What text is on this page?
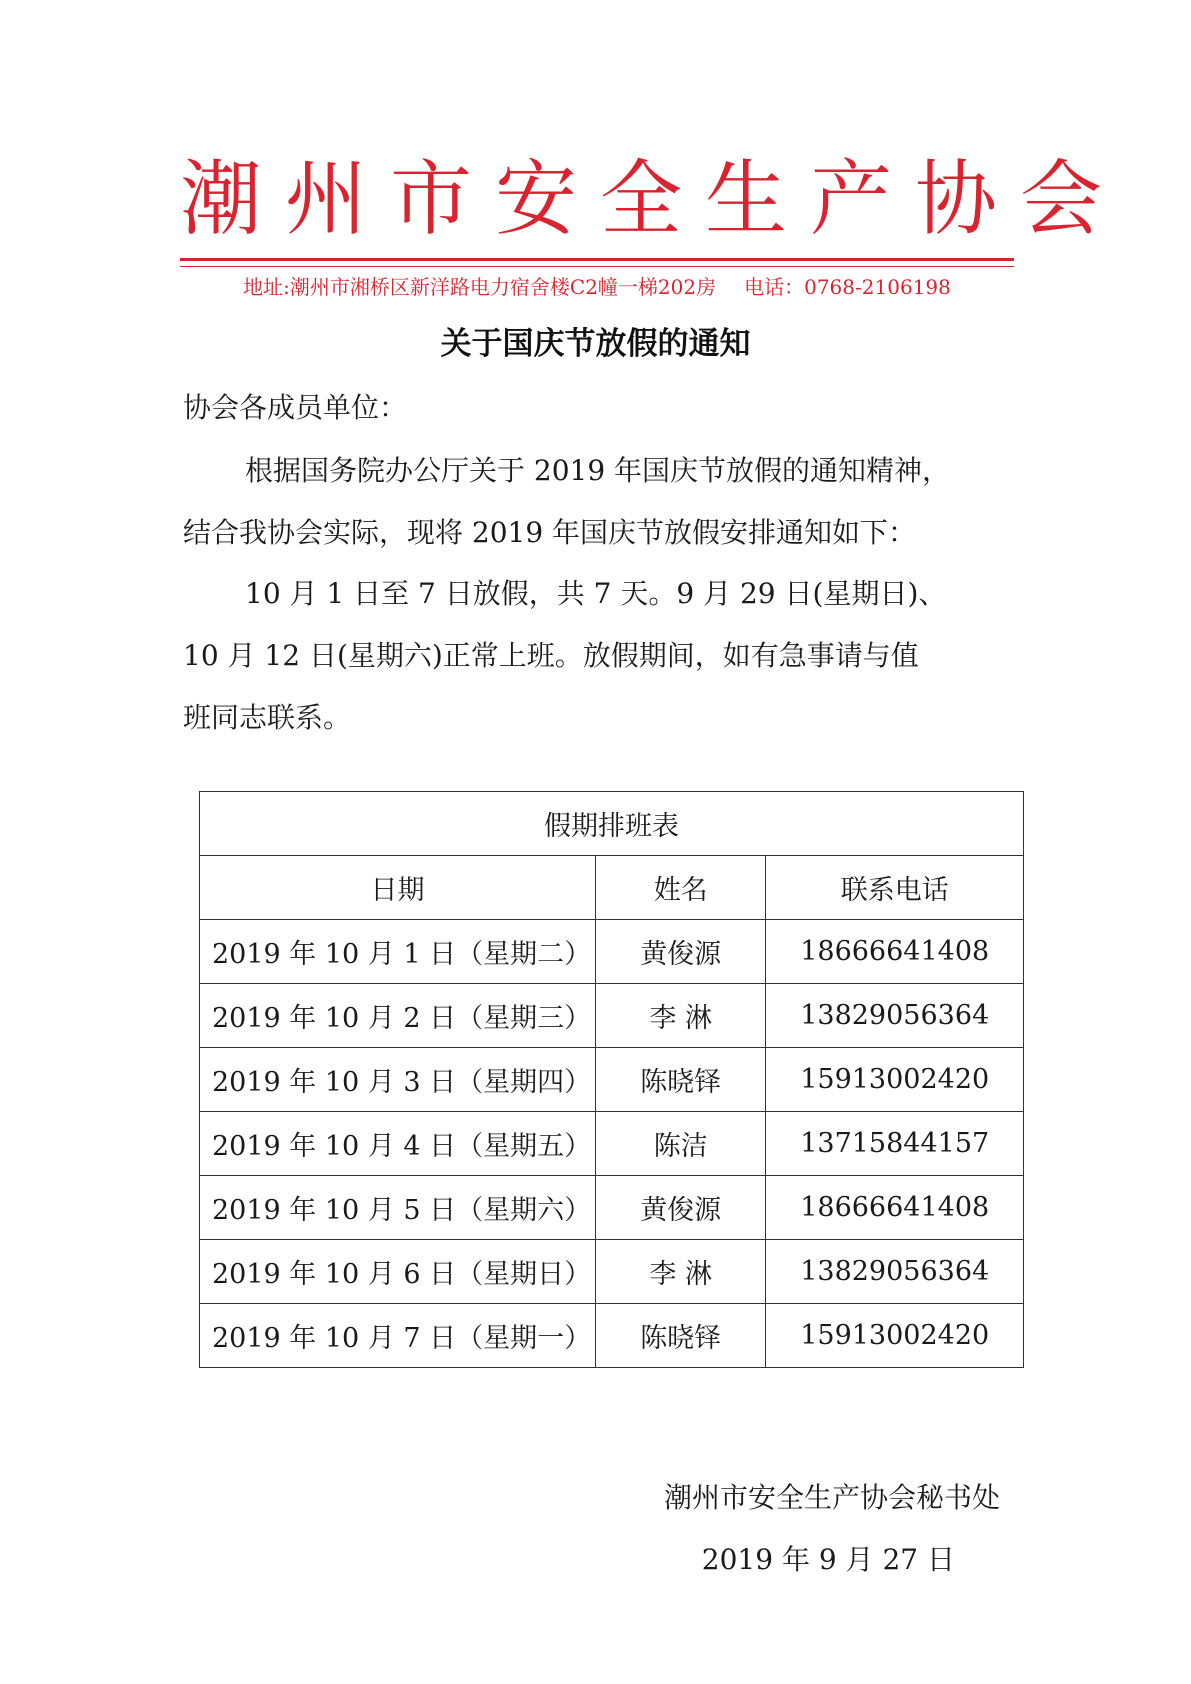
潮州市安全生产协会
地址:潮州市湘桥区新洋路电力宿舍楼C2幢一梯202房 电话：0768-2106198
关于国庆节放假的通知
协会各成员单位：
根据国务院办公厅关于 2019 年国庆节放假的通知精神，
结合我协会实际，现将 2019 年国庆节放假安排通知如下：
10 月 1 日至 7 日放假，共 7 天。9 月 29 日(星期日)、
10 月 12 日(星期六)正常上班。放假期间，如有急事请与值
班同志联系。
假期排班表		
日期	姓名	联系电话
2019 年 10 月 1 日（星期二）	黄俊源	18666641408
2019 年 10 月 2 日（星期三）	李 淋	13829056364
2019 年 10 月 3 日（星期四）	陈晓铎	15913002420
2019 年 10 月 4 日（星期五）	陈洁	13715844157
2019 年 10 月 5 日（星期六）	黄俊源	18666641408
2019 年 10 月 6 日（星期日）	李 淋	13829056364
2019 年 10 月 7 日（星期一）	陈晓铎	15913002420
潮州市安全生产协会秘书处
2019 年 9 月 27 日
